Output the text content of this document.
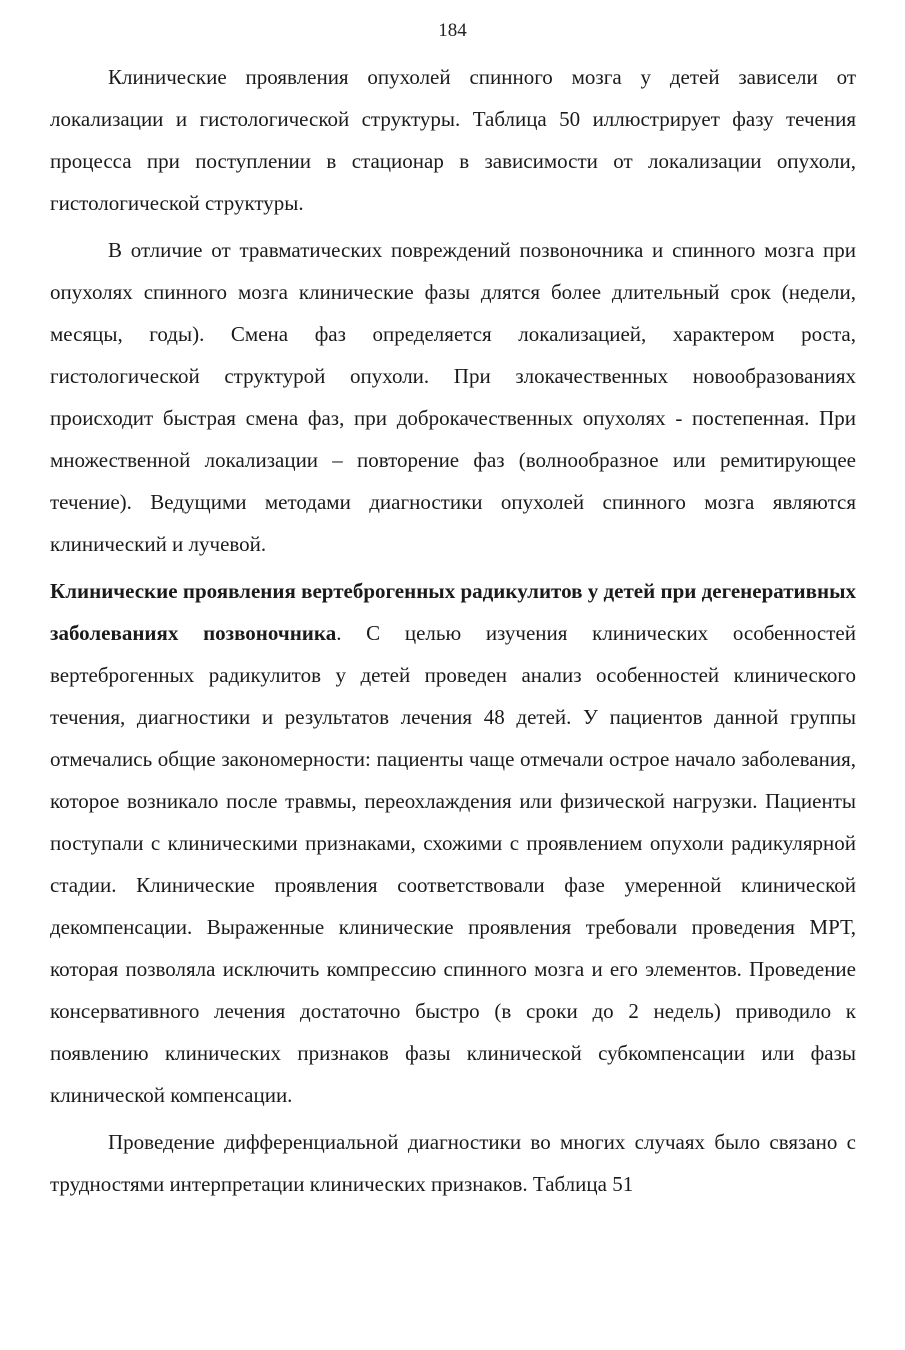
184

Клинические проявления опухолей спинного мозга у детей зависели от локализации и гистологической структуры. Таблица 50 иллюстрирует фазу течения процесса при поступлении в стационар в зависимости от локализации опухоли, гистологической структуры.

В отличие от травматических повреждений позвоночника и спинного мозга при опухолях спинного мозга клинические фазы длятся более длительный срок (недели, месяцы, годы). Смена фаз определяется локализацией, характером роста, гистологической структурой опухоли. При злокачественных новообразованиях происходит быстрая смена фаз, при доброкачественных опухолях - постепенная. При множественной локализации – повторение фаз (волнообразное или ремитирующее течение). Ведущими методами диагностики опухолей спинного мозга являются клинический и лучевой.

Клинические проявления вертеброгенных радикулитов у детей при дегенеративных заболеваниях позвоночника. С целью изучения клинических особенностей вертеброгенных радикулитов у детей проведен анализ особенностей клинического течения, диагностики и результатов лечения 48 детей. У пациентов данной группы отмечались общие закономерности: пациенты чаще отмечали острое начало заболевания, которое возникало после травмы, переохлаждения или физической нагрузки. Пациенты поступали с клиническими признаками, схожими с проявлением опухоли радикулярной стадии. Клинические проявления соответствовали фазе умеренной клинической декомпенсации. Выраженные клинические проявления требовали проведения МРТ, которая позволяла исключить компрессию спинного мозга и его элементов. Проведение консервативного лечения достаточно быстро (в сроки до 2 недель) приводило к появлению клинических признаков фазы клинической субкомпенсации или фазы клинической компенсации.

Проведение дифференциальной диагностики во многих случаях было связано с трудностями интерпретации клинических признаков. Таблица 51
